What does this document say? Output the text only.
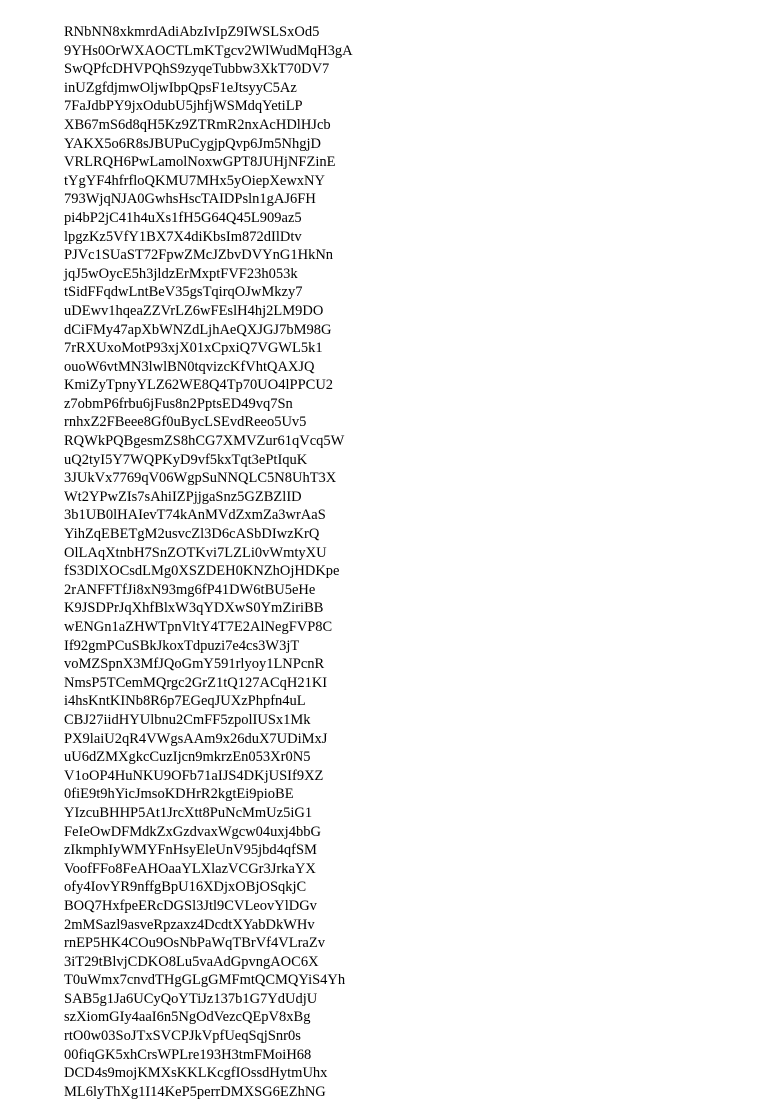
RNbNN8xkmrdAdiAbzIvIpZ9IWSLSxOd5
9YHs0OrWXAOCTLmKTgcv2WlWudMqH3gA
SwQPfcDHVPQhS9zyqeTubbw3XkT70DV7
inUZgfdjmwOljwIbpQpsF1eJtsyyC5Az
7FaJdbPY9jxOdubU5jhfjWSMdqYetiLP
XB67mS6d8qH5Kz9ZTRmR2nxAcHDlHJcb
YAKX5o6R8sJBUPuCygjpQvp6Jm5NhgjD
VRLRQH6PwLamolNoxwGPT8JUHjNFZinE
tYgYF4hfrfloQKMU7MHx5yOiepXewxNY
793WjqNJA0GwhsHscTAIDPsln1gAJ6FH
pi4bP2jC41h4uXs1fH5G64Q45L909az5
lpgzKz5VfY1BX7X4diKbsIm872dIlDtv
PJVc1SUaST72FpwZMcJZbvDVYnG1HkNn
jqJ5wOycE5h3jldzErMxptFVF23h053k
tSidFFqdwLntBeV35gsTqirqOJwMkzy7
uDEwv1hqeaZZVrLZ6wFEslH4hj2LM9DO
dCiFMy47apXbWNZdLjhAeQXJGJ7bM98G
7rRXUxoMotP93xjX01xCpxiQ7VGWL5k1
ouoW6vtMN3lwlBN0tqvizcKfVhtQAXJQ
KmiZyTpnyYLZ62WE8Q4Tp70UO4lPPCU2
z7obmP6frbu6jFus8n2PptsED49vq7Sn
rnhxZ2FBeee8Gf0uBycLSEvdReeo5Uv5
RQWkPQBgesmZS8hCG7XMVZur61qVcq5W
uQ2tyI5Y7WQPKyD9vf5kxTqt3ePtIquK
3JUkVx7769qV06WgpSuNNQLC5N8UhT3X
Wt2YPwZIs7sAhiIZPjjgaSnz5GZBZlID
3b1UB0lHAIevT74kAnMVdZxmZa3wrAaS
YihZqEBETgM2usvcZl3D6cASbDIwzKrQ
OlLAqXtnbH7SnZOTKvi7LZLi0vWmtyXU
fS3DlXOCsdLMg0XSZDEH0KNZhOjHDKpe
2rANFFTfJi8xN93mg6fP41DW6tBU5eHe
K9JSDPrJqXhfBlxW3qYDXwS0YmZiriBB
wENGn1aZHWTpnVltY4T7E2AlNegFVP8C
If92gmPCuSBkJkoxTdpuzi7e4cs3W3jT
voMZSpnX3MfJQoGmY591rlyoy1LNPcnR
NmsP5TCemMQrgc2GrZ1tQ127ACqH21KI
i4hsKntKINb8R6p7EGeqJUXzPhpfn4uL
CBJ27iidHYUlbnu2CmFF5zpolIUSx1Mk
PX9laiU2qR4VWgsAAm9x26duX7UDiMxJ
uU6dZMXgkcCuzIjcn9mkrzEn053Xr0N5
V1oOP4HuNKU9OFb71aIJS4DKjUSIf9XZ
0fiE9t9hYicJmsoKDHrR2kgtEi9pioBE
YIzcuBHHP5At1JrcXtt8PuNcMmUz5iG1
FeIeOwDFMdkZxGzdvaxWgcw04uxj4bbG
zIkmphIyWMYFnHsyEleUnV95jbd4qfSM
VoofFFo8FeAHOaaYLXlazVCGr3JrkaYX
ofy4IovYR9nffgBpU16XDjxOBjOSqkjC
BOQ7HxfpeERcDGSl3Jtl9CVLeovYlDGv
2mMSazl9asveRpzaxz4DcdtXYabDkWHv
rnEP5HK4COu9OsNbPaWqTBrVf4VLraZv
3iT29tBlvjCDKO8Lu5vaAdGpvngAOC6X
T0uWmx7cnvdTHgGLgGMFmtQCMQYiS4Yh
SAB5g1Ja6UCyQoYTiJz137b1G7YdUdjU
szXiomGIy4aaI6n5NgOdVezcQEpV8xBg
rtO0w03SoJTxSVCPJkVpfUeqSqjSnr0s
00fiqGK5xhCrsWPLre193H3tmFMoiH68
DCD4s9mojKMXsKKLKcgfIOssdHytmUhx
ML6lyThXg1I14KeP5perrDMXSG6EZhNG
